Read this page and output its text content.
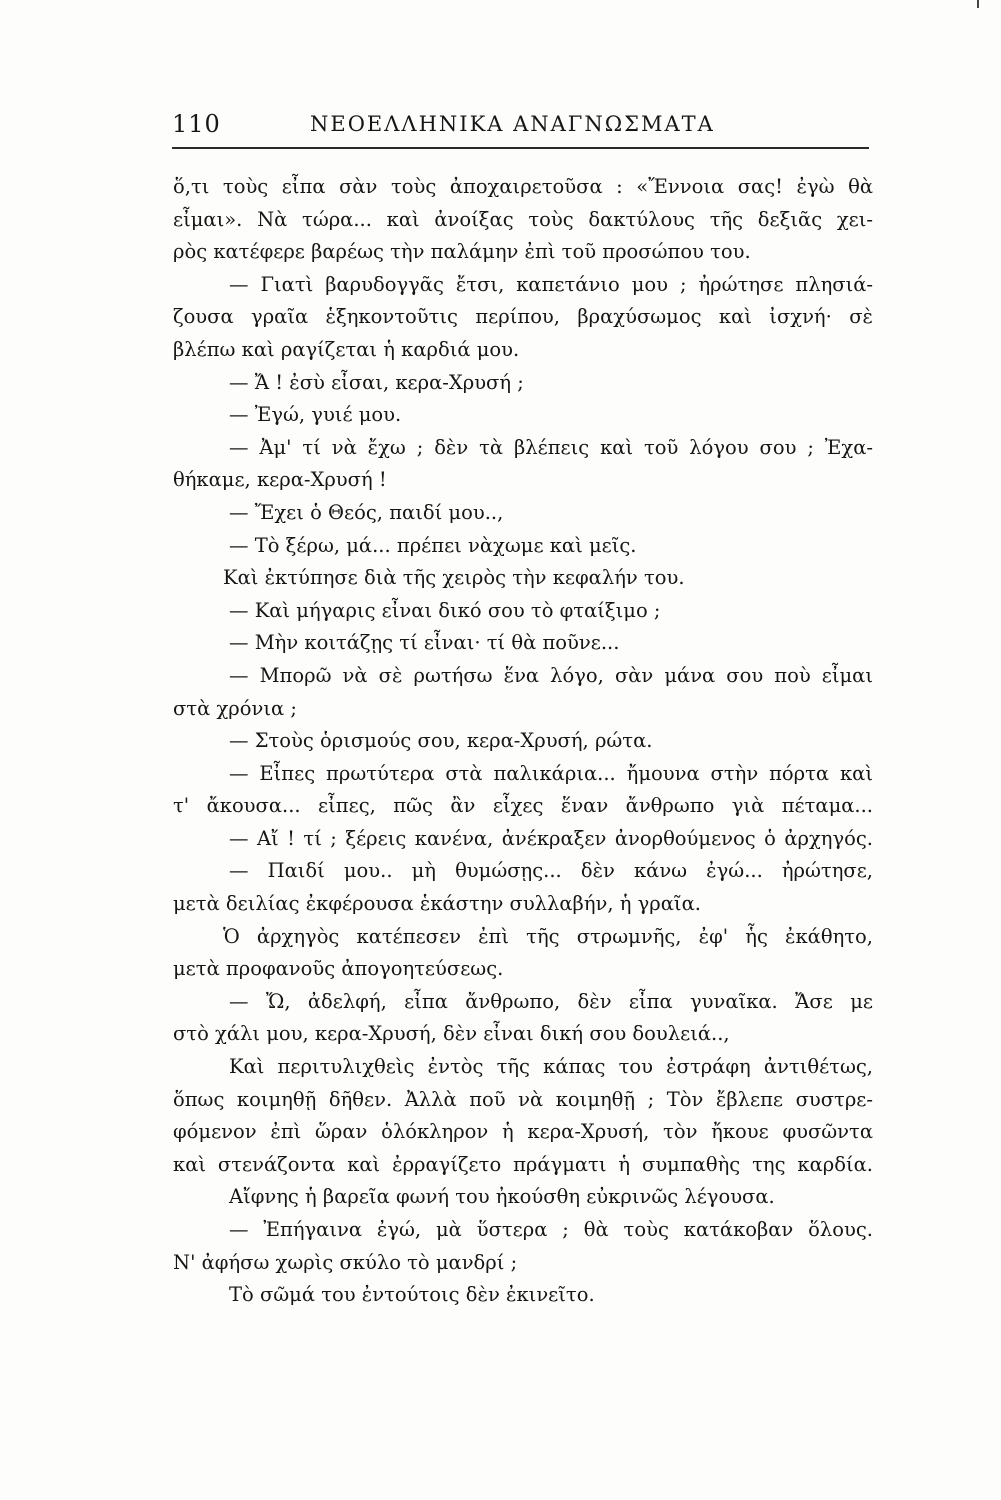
110	ΝΕΟΕΛΛΗΝΙΚΑ ΑΝΑΓΝΩΣΜΑΤΑ
ὅ,τι τοὺς εἶπα σὰν τοὺς ἀποχαιρετοῦσα : «Ἔννοια σας! ἐγὼ θὰ
εἶμαι». Νὰ τώρα... καὶ ἀνοίξας τοὺς δακτύλους τῆς δεξιᾶς χει-
ρὸς κατέφερε βαρέως τὴν παλάμην ἐπὶ τοῦ προσώπου του.
— Γιατὶ βαρυδογγᾶς ἔτσι, καπετάνιο μου ; ἠρώτησε πλησιά-
ζουσα γραῖα ἑξηκοντοῦτις περίπου, βραχύσωμος καὶ ἰσχνή· σὲ
βλέπω καὶ ραγίζεται ἡ καρδιά μου.
— Ἄ ! ἐσὺ εἶσαι, κερα-Χρυσή ;
— Ἐγώ, γυιέ μου.
— Ἀμ' τί νὰ ἔχω ; δὲν τὰ βλέπεις καὶ τοῦ λόγου σου ; Ἐχα-
θήκαμε, κερα-Χρυσή !
— Ἔχει ὁ Θεός, παιδί μου..,
— Τὸ ξέρω, μά... πρέπει νὰχωμε καὶ μεῖς.
Καὶ ἐκτύπησε διὰ τῆς χειρὸς τὴν κεφαλήν του.
— Καὶ μήγαρις εἶναι δικό σου τὸ φταίξιμο ;
— Μὴν κοιτάζῃς τί εἶναι· τί θὰ ποῦνε...
— Μπορῶ νὰ σὲ ρωτήσω ἕνα λόγο, σὰν μάνα σου ποὺ εἶμαι
στὰ χρόνια ;
— Στοὺς ὁρισμούς σου, κερα-Χρυσή, ρώτα.
— Εἶπες πρωτύτερα στὰ παλικάρια... ἤμουνα στὴν πόρτα καὶ
τ' ἄκουσα... εἶπες, πῶς ἂν εἶχες ἕναν ἄνθρωπο γιὰ πέταμα...
— Αἴ ! τί ; ξέρεις κανένα, ἀνέκραξεν ἀνορθούμενος ὁ ἀρχηγός.
— Παιδί μου.. μὴ θυμώσῃς... δὲν κάνω ἐγώ... ἠρώτησε,
μετὰ δειλίας ἐκφέρουσα ἑκάστην συλλαβήν, ἡ γραῖα.
Ὁ ἀρχηγὸς κατέπεσεν ἐπὶ τῆς στρωμνῆς, ἐφ' ἧς ἐκάθητο,
μετὰ προφανοῦς ἀπογοητεύσεως.
— Ὤ, ἀδελφή, εἶπα ἄνθρωπο, δὲν εἶπα γυναῖκα. Ἄσε με
στὸ χάλι μου, κερα-Χρυσή, δὲν εἶναι δική σου δουλειά..,
Καὶ περιτυλιχθεὶς ἐντὸς τῆς κάπας του ἐστράφη ἀντιθέτως,
ὅπως κοιμηθῇ δῆθεν. Ἀλλὰ ποῦ νὰ κοιμηθῇ ; Τὸν ἔβλεπε συστρε-
φόμενον ἐπὶ ὥραν ὁλόκληρον ἡ κερα-Χρυσή, τὸν ἤκουε φυσῶντα
καὶ στενάζοντα καὶ ἐρραγίζετο πράγματι ἡ συμπαθὴς της καρδία.
Αἴφνης ἡ βαρεῖα φωνή του ἠκούσθη εὐκρινῶς λέγουσα.
— Ἐπήγαινα ἐγώ, μὰ ὕστερα ; θὰ τοὺς κατάκοβαν ὅλους.
Ν' ἀφήσω χωρὶς σκύλο τὸ μανδρί ;
Τὸ σῶμά του ἐντούτοις δὲν ἐκινεῖτο.
